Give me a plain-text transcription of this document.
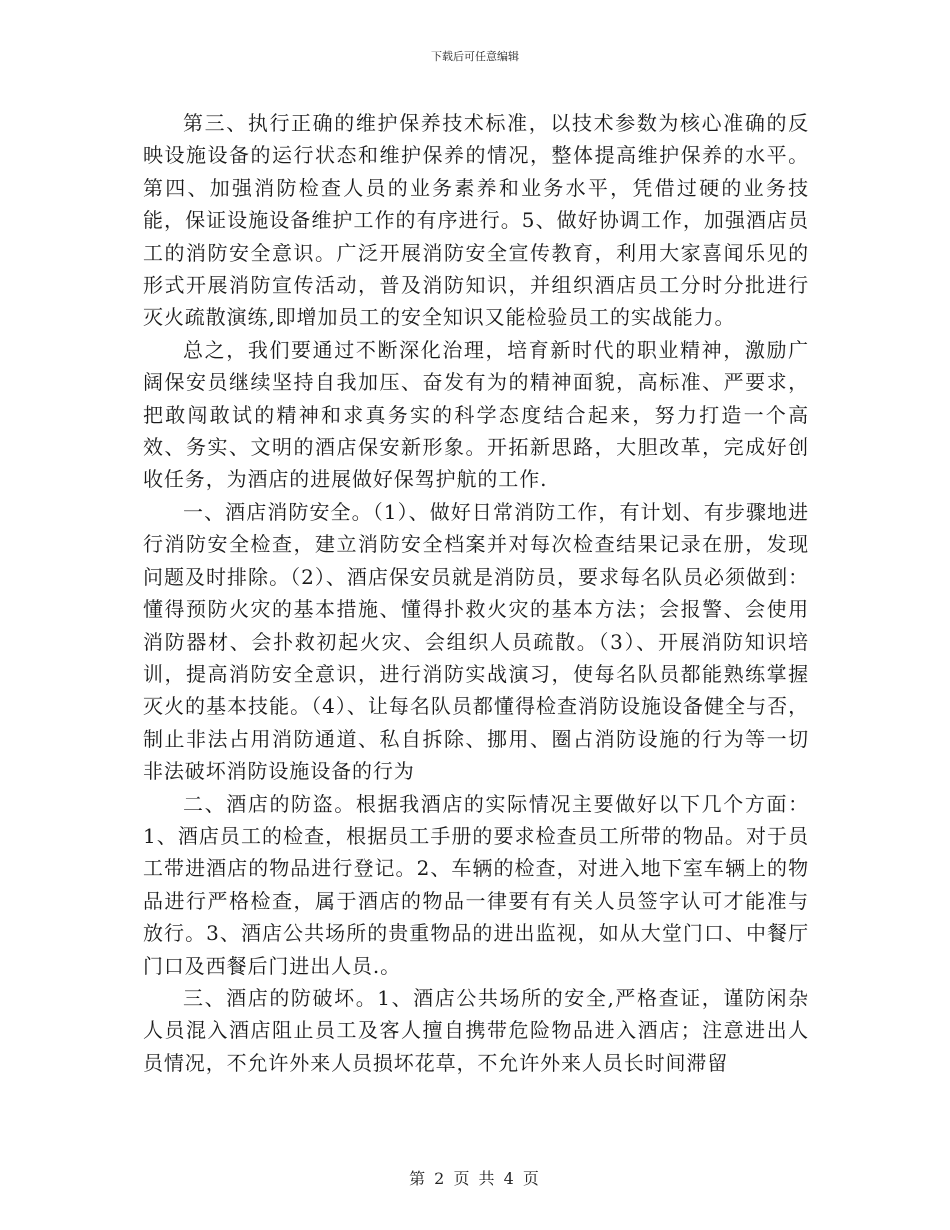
下载后可任意编辑

第三、执行正确的维护保养技术标准，以技术参数为核心准确的反映设施设备的运行状态和维护保养的情况，整体提高维护保养的水平。第四、加强消防检查人员的业务素养和业务水平，凭借过硬的业务技能，保证设施设备维护工作的有序进行。5、做好协调工作，加强酒店员工的消防安全意识。广泛开展消防安全宣传教育，利用大家喜闻乐见的形式开展消防宣传活动，普及消防知识，并组织酒店员工分时分批进行灭火疏散演练,即增加员工的安全知识又能检验员工的实战能力。

总之，我们要通过不断深化治理，培育新时代的职业精神，激励广阔保安员继续坚持自我加压、奋发有为的精神面貌，高标准、严要求，把敢闯敢试的精神和求真务实的科学态度结合起来，努力打造一个高效、务实、文明的酒店保安新形象。开拓新思路，大胆改革，完成好创收任务，为酒店的进展做好保驾护航的工作.

一、酒店消防安全。（1）、做好日常消防工作，有计划、有步骤地进行消防安全检查，建立消防安全档案并对每次检查结果记录在册，发现问题及时排除。（2）、酒店保安员就是消防员，要求每名队员必须做到：懂得预防火灾的基本措施、懂得扑救火灾的基本方法；会报警、会使用消防器材、会扑救初起火灾、会组织人员疏散。（3）、开展消防知识培训，提高消防安全意识，进行消防实战演习，使每名队员都能熟练掌握灭火的基本技能。（4）、让每名队员都懂得检查消防设施设备健全与否，制止非法占用消防通道、私自拆除、挪用、圈占消防设施的行为等一切非法破坏消防设施设备的行为

二、酒店的防盗。根据我酒店的实际情况主要做好以下几个方面：1、酒店员工的检查，根据员工手册的要求检查员工所带的物品。对于员工带进酒店的物品进行登记。2、车辆的检查，对进入地下室车辆上的物品进行严格检查，属于酒店的物品一律要有有关人员签字认可才能准与放行。3、酒店公共场所的贵重物品的进出监视，如从大堂门口、中餐厅门口及西餐后门进出人员.。

三、酒店的防破坏。1、酒店公共场所的安全,严格查证，谨防闲杂人员混入酒店阻止员工及客人擅自携带危险物品进入酒店；注意进出人员情况，不允许外来人员损坏花草，不允许外来人员长时间滞留

第 2 页 共 4 页
